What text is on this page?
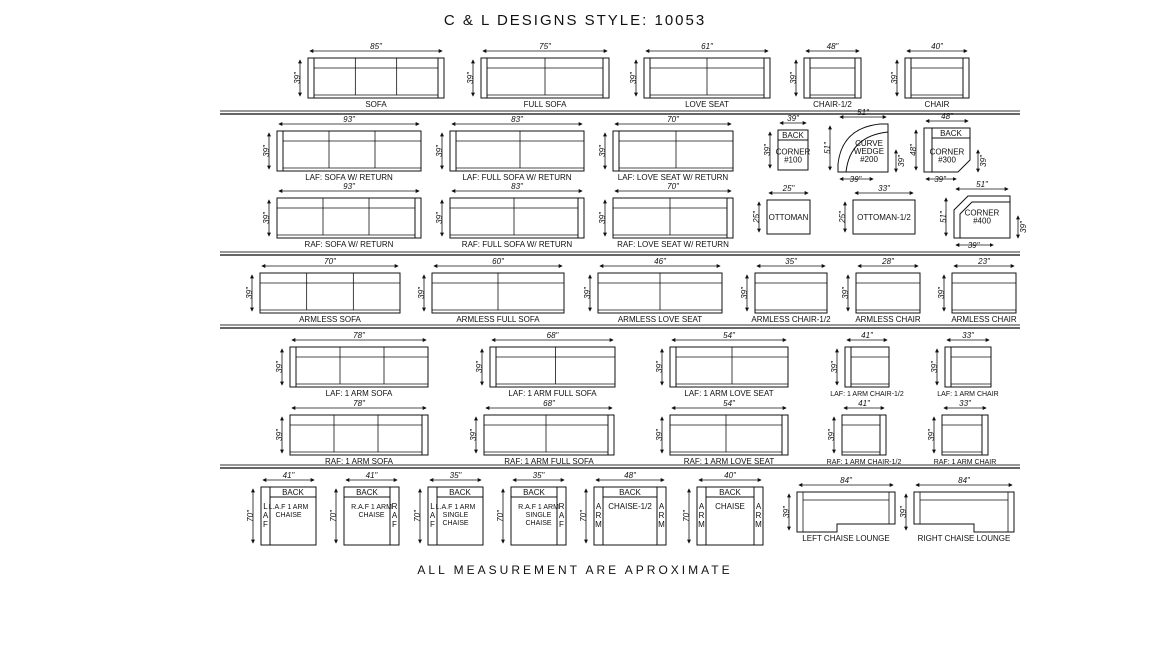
C & L DESIGNS STYLE: 10053
85"
39"
SOFA
75"
39"
FULL SOFA
61"
39"
LOVE SEAT
48"
39"
CHAIR-1/2
40"
39"
CHAIR
93"
39"
LAF: SOFA W/ RETURN
83"
39"
LAF: FULL SOFA W/ RETURN
70"
39"
LAF: LOVE SEAT W/ RETURN
39"
39"
BACK
CORNER
#100
51"
51"	CURVE
WEDGE
#200 39"
39"
48"
48"
BACK
CORNER
#300	39"
39"
93"
39"
RAF: SOFA W/ RETURN
83"
39"
RAF: FULL SOFA W/ RETURN
70"
39"
RAF: LOVE SEAT W/ RETURN
25"
25" OTTOMAN
33"
25" OTTOMAN-1/2
51"
51" CORNER
#400
39"
39"
70"
39"
ARMLESS SOFA
60"
39"
ARMLESS FULL SOFA
46"
39"
ARMLESS LOVE SEAT
35"
39"
ARMLESS CHAIR-1/2
28"
39"
ARMLESS CHAIR
23"
39"
ARMLESS CHAIR
78"
39"
LAF: 1 ARM SOFA
68"
39"
LAF: 1 ARM FULL SOFA
54"
39"
LAF: 1 ARM LOVE SEAT
41"
39"
LAF: 1 ARM CHAIR-1/2
33"
39"
LAF: 1 ARM CHAIR
78"
39"
RAF: 1 ARM SOFA
68"
39"
RAF: 1 ARM FULL SOFA
54"
39"
RAF: 1 ARM LOVE SEAT
41"
39"
RAF: 1 ARM CHAIR-1/2
33"
39"
RAF: 1 ARM CHAIR
41"
70"
BACK
L
A
F
L.A.F 1 ARM
CHAISE
41"
70"
BACK
R
A
F
R.A.F 1 ARM
CHAISE
35"
70"
BACK
L
A
F
L.A.F 1 ARM
SINGLE
CHAISE
35"
70"
BACK
R
A
F
R.A.F 1 ARM
SINGLE
CHAISE
48"
70"
BACK
A
R
M
A
R
M
CHAISE-1/2
40"
70"
BACK
A
R
M
A
R
M
CHAISE
84"
39"
LEFT CHAISE LOUNGE
84"
39"
RIGHT CHAISE LOUNGE
ALL MEASUREMENT ARE APROXIMATE
